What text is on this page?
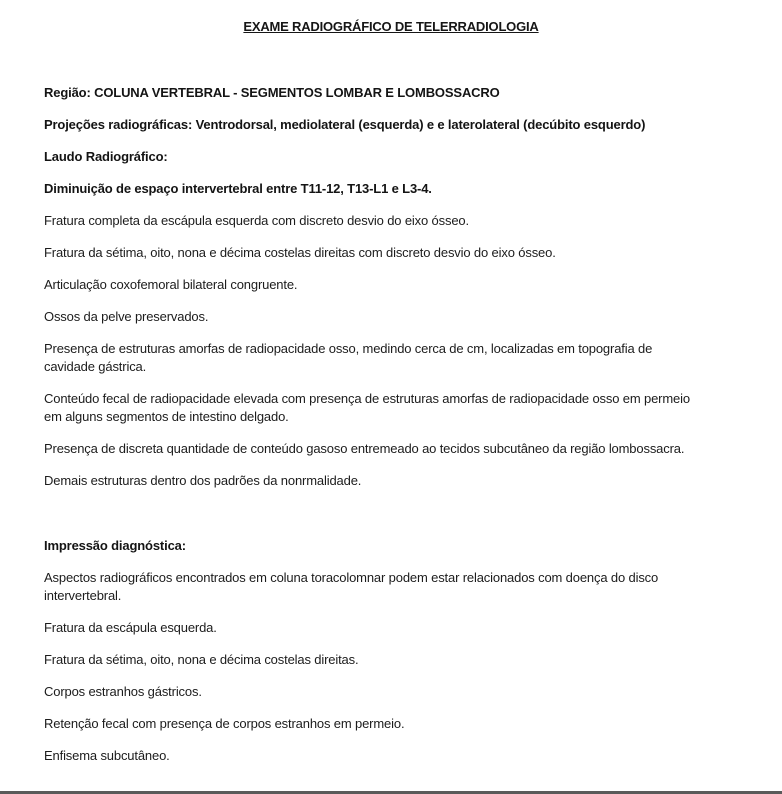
EXAME RADIOGRÁFICO DE TELERRADIOLOGIA
Região: COLUNA VERTEBRAL - SEGMENTOS LOMBAR E LOMBOSSACRO
Projeções radiográficas: Ventrodorsal, mediolateral (esquerda) e e laterolateral (decúbito esquerdo)
Laudo Radiográfico:
Diminuição de espaço intervertebral entre T11-12, T13-L1 e L3-4.
Fratura completa da escápula esquerda com discreto desvio do eixo ósseo.
Fratura da sétima, oito, nona e décima costelas direitas com discreto desvio do eixo ósseo.
Articulação coxofemoral bilateral congruente.
Ossos da pelve preservados.
Presença de estruturas amorfas de radiopacidade osso, medindo cerca de cm, localizadas em topografia de cavidade gástrica.
Conteúdo fecal de radiopacidade elevada com presença de estruturas amorfas de radiopacidade osso em permeio em alguns segmentos de intestino delgado.
Presença de discreta quantidade de conteúdo gasoso entremeado ao tecidos subcutâneo da região lombossacra.
Demais estruturas dentro dos padrões da nonrmalidade.
Impressão diagnóstica:
Aspectos radiográficos encontrados em coluna toracolomnar podem estar relacionados com doença do disco intervertebral.
Fratura da escápula esquerda.
Fratura da sétima, oito, nona e décima costelas direitas.
Corpos estranhos gástricos.
Retenção fecal com presença de corpos estranhos em permeio.
Enfisema subcutâneo.
